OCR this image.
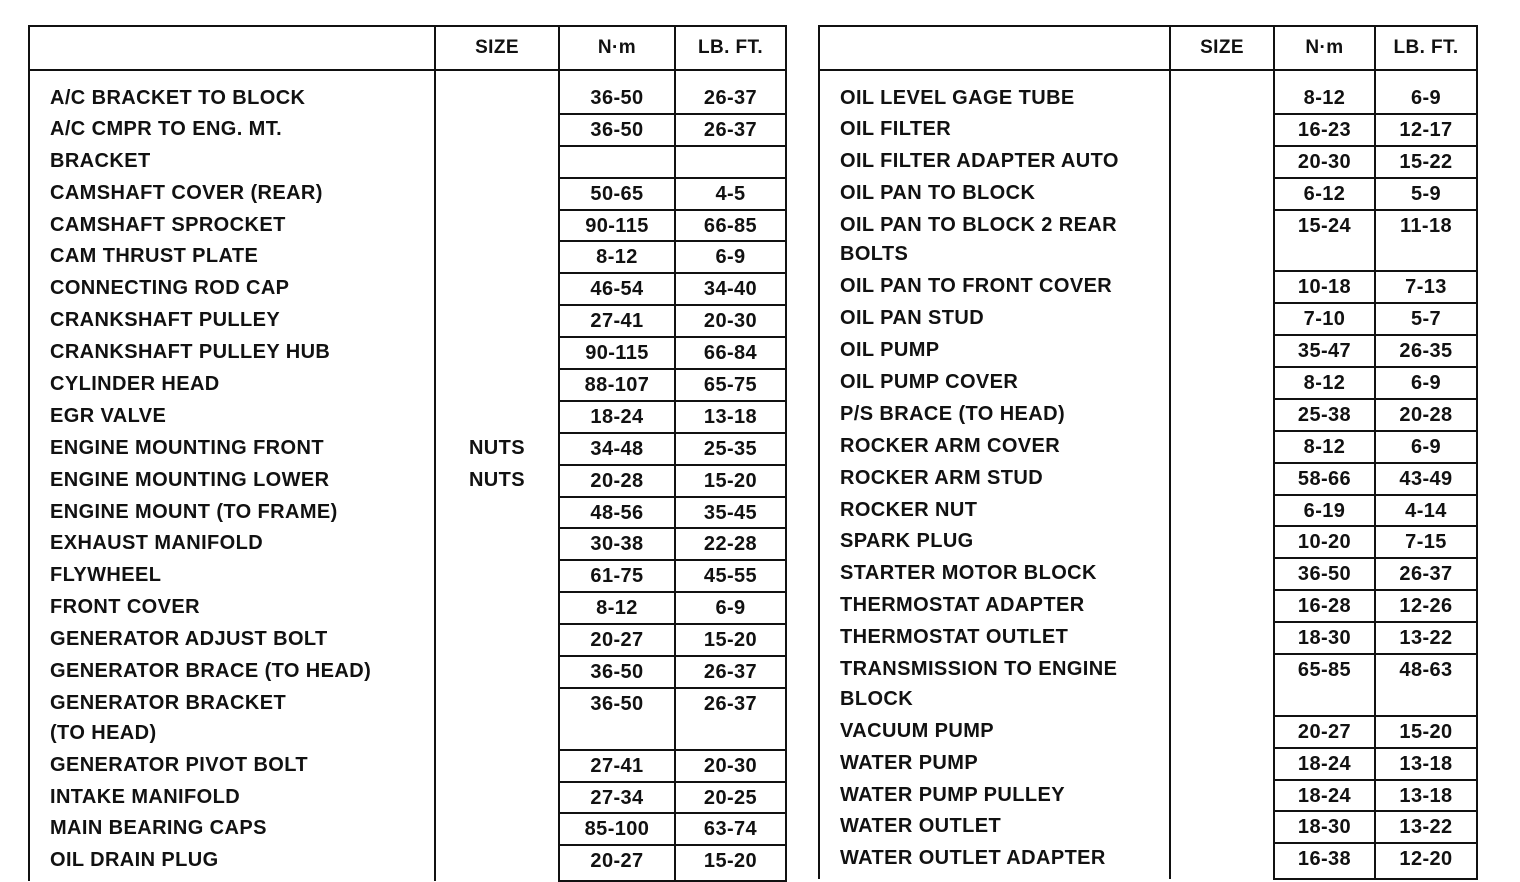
	SIZE	N·m	LB. FT.

A/C BRACKET TO BLOCK		36-50	26-37

A/C CMPR TO ENG. MT.		36-50	26-37

BRACKET			

CAMSHAFT COVER (REAR)		50-65	4-5

CAMSHAFT SPROCKET		90-115	66-85

CAM THRUST PLATE		8-12	6-9

CONNECTING ROD CAP		46-54	34-40

CRANKSHAFT PULLEY		27-41	20-30

CRANKSHAFT PULLEY HUB		90-115	66-84

CYLINDER HEAD		88-107	65-75

EGR VALVE		18-24	13-18

ENGINE MOUNTING FRONT	NUTS	34-48	25-35

ENGINE MOUNTING LOWER	NUTS	20-28	15-20

ENGINE MOUNT (TO FRAME)		48-56	35-45

EXHAUST MANIFOLD		30-38	22-28

FLYWHEEL		61-75	45-55

FRONT COVER		8-12	6-9

GENERATOR ADJUST BOLT		20-27	15-20

GENERATOR BRACE (TO HEAD)		36-50	26-37

GENERATOR BRACKET
(TO HEAD)		36-50	26-37

GENERATOR PIVOT BOLT		27-41	20-30

INTAKE MANIFOLD		27-34	20-25

MAIN BEARING CAPS		85-100	63-74

OIL DRAIN PLUG		20-27	15-20
	SIZE	N·m	LB. FT.

OIL LEVEL GAGE TUBE		8-12	6-9

OIL FILTER		16-23	12-17

OIL FILTER ADAPTER AUTO		20-30	15-22

OIL PAN TO BLOCK		6-12	5-9

OIL PAN TO BLOCK 2 REAR
BOLTS		15-24	11-18

OIL PAN TO FRONT COVER		10-18	7-13

OIL PAN STUD		7-10	5-7

OIL PUMP		35-47	26-35

OIL PUMP COVER		8-12	6-9

P/S BRACE (TO HEAD)		25-38	20-28

ROCKER ARM COVER		8-12	6-9

ROCKER ARM STUD		58-66	43-49

ROCKER NUT		6-19	4-14

SPARK PLUG		10-20	7-15

STARTER MOTOR BLOCK		36-50	26-37

THERMOSTAT ADAPTER		16-28	12-26

THERMOSTAT OUTLET		18-30	13-22

TRANSMISSION TO ENGINE
BLOCK		65-85	48-63

VACUUM PUMP		20-27	15-20

WATER PUMP		18-24	13-18

WATER PUMP PULLEY		18-24	13-18

WATER OUTLET		18-30	13-22

WATER OUTLET ADAPTER		16-38	12-20
